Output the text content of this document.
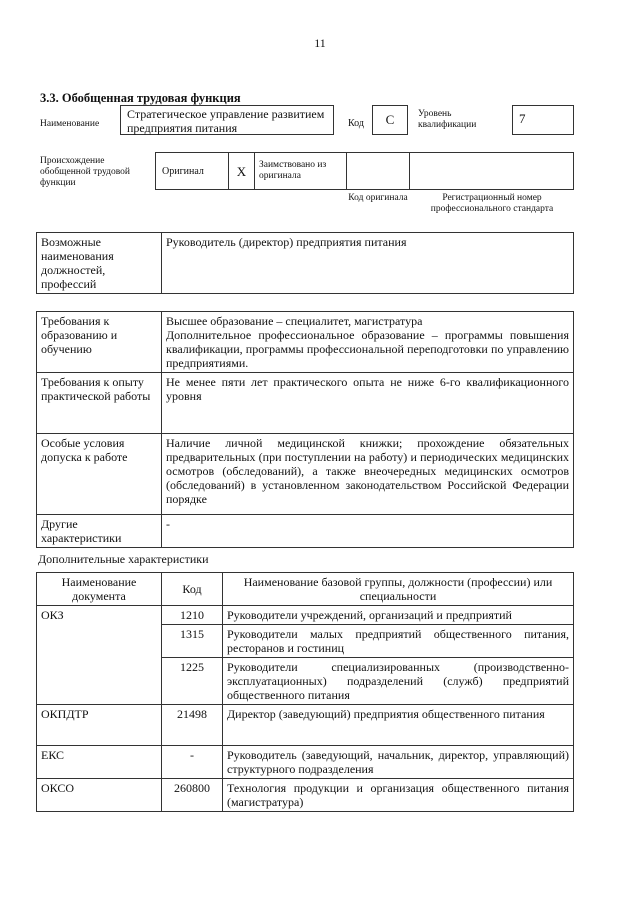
11
3.3. Обобщенная трудовая функция
Наименование
Стратегическое управление развитием предприятия питания	Код	C	Уровень квалификации	7
Происхождение обобщенной трудовой функции
Оригинал	X	Заимствовано из оригинала
Код оригинала	Регистрационный номер профессионального стандарта
Возможные наименования должностей, профессий	Руководитель (директор) предприятия питания
Требования к образованию и обучению	Высшее образование – специалитет, магистратура
Дополнительное профессиональное образование – программы повышения квалификации, программы профессиональной переподготовки по управлению предприятиями.
Требования к опыту практической работы	Не менее пяти лет практического опыта не ниже 6-го квалификационного уровня
Особые условия допуска к работе	Наличие личной медицинской книжки; прохождение обязательных предварительных (при поступлении на работу) и периодических медицинских осмотров (обследований), а также внеочередных медицинских осмотров (обследований) в установленном законодательством Российской Федерации порядке
Другие характеристики	-
Дополнительные характеристики
Наименование документа	Код	Наименование базовой группы, должности (профессии) или специальности
ОКЗ	1210	Руководители учреждений, организаций и предприятий
	1315	Руководители малых предприятий общественного питания, ресторанов и гостиниц
	1225	Руководители специализированных (производственно-эксплуатационных) подразделений (служб) предприятий общественного питания
ОКПДТР	21498	Директор (заведующий) предприятия общественного питания
ЕКС	-	Руководитель (заведующий, начальник, директор, управляющий) структурного подразделения
ОКСО	260800	Технология продукции и организация общественного питания (магистратура)
